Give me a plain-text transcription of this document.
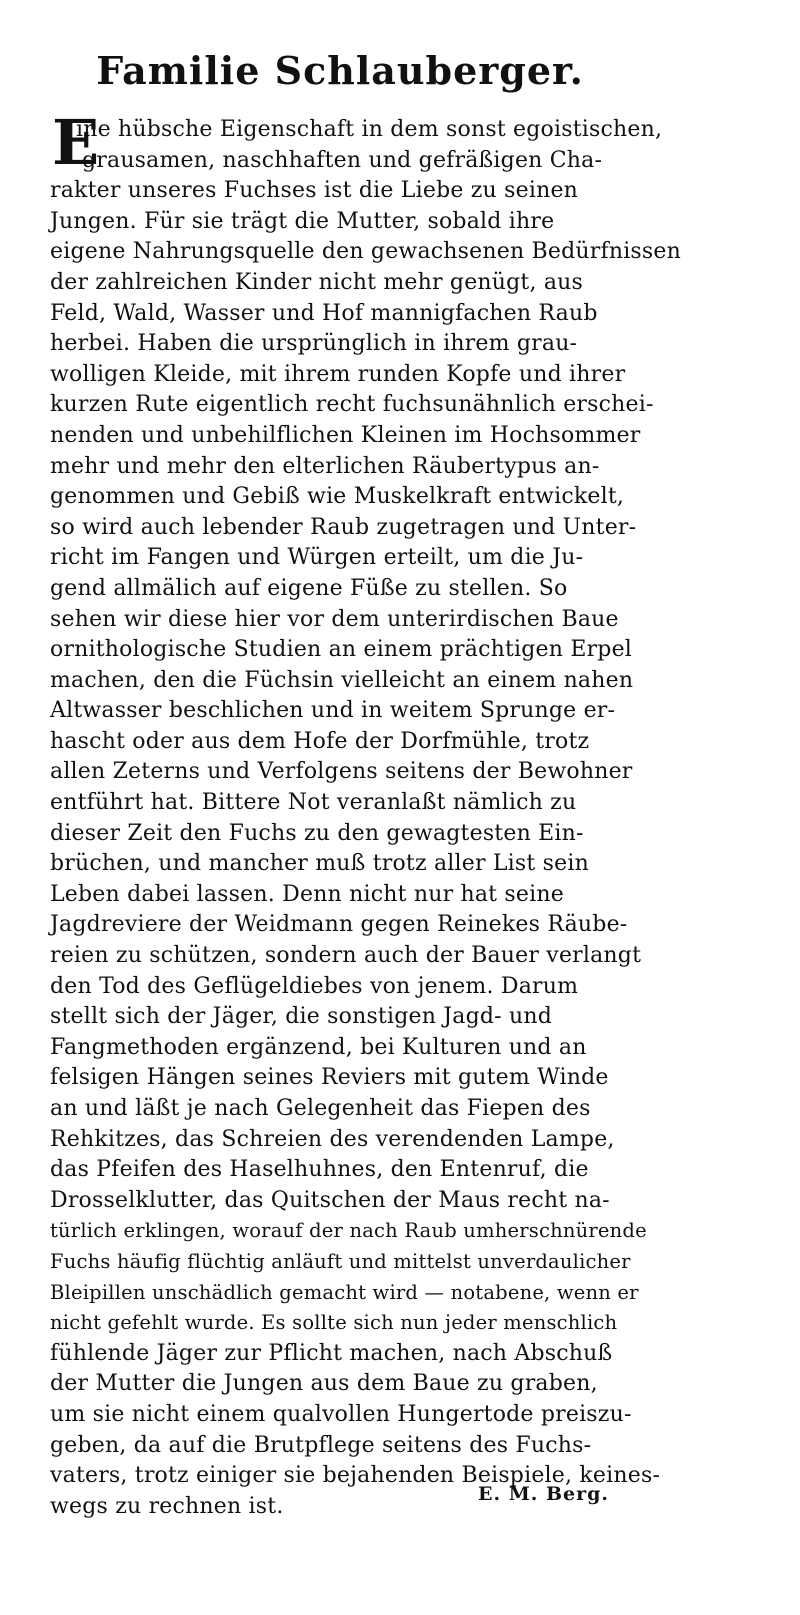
Familie Schlauberger.
E
ine hübsche Eigenschaft in dem sonst egoistischen,
grausamen, naschhaften und gefräßigen Cha-
rakter unseres Fuchses ist die Liebe zu seinen
Jungen. Für sie trägt die Mutter, sobald ihre
eigene Nahrungsquelle den gewachsenen Bedürfnissen
der zahlreichen Kinder nicht mehr genügt, aus
Feld, Wald, Wasser und Hof mannigfachen Raub
herbei. Haben die ursprünglich in ihrem grau-
wolligen Kleide, mit ihrem runden Kopfe und ihrer
kurzen Rute eigentlich recht fuchsunähnlich erschei-
nenden und unbehilflichen Kleinen im Hochsommer
mehr und mehr den elterlichen Räubertypus an-
genommen und Gebiß wie Muskelkraft entwickelt,
so wird auch lebender Raub zugetragen und Unter-
richt im Fangen und Würgen erteilt, um die Ju-
gend allmälich auf eigene Füße zu stellen. So
sehen wir diese hier vor dem unterirdischen Baue
ornithologische Studien an einem prächtigen Erpel
machen, den die Füchsin vielleicht an einem nahen
Altwasser beschlichen und in weitem Sprunge er-
hascht oder aus dem Hofe der Dorfmühle, trotz
allen Zeterns und Verfolgens seitens der Bewohner
entführt hat. Bittere Not veranlaßt nämlich zu
dieser Zeit den Fuchs zu den gewagtesten Ein-
brüchen, und mancher muß trotz aller List sein
Leben dabei lassen. Denn nicht nur hat seine
Jagdreviere der Weidmann gegen Reinekes Räube-
reien zu schützen, sondern auch der Bauer verlangt
den Tod des Geflügeldiebes von jenem. Darum
stellt sich der Jäger, die sonstigen Jagd- und
Fangmethoden ergänzend, bei Kulturen und an
felsigen Hängen seines Reviers mit gutem Winde
an und läßt je nach Gelegenheit das Fiepen des
Rehkitzes, das Schreien des verendenden Lampe,
das Pfeifen des Haselhuhnes, den Entenruf, die
Drosselklutter, das Quitschen der Maus recht na-
türlich erklingen, worauf der nach Raub umherschnürende
Fuchs häufig flüchtig anläuft und mittelst unverdaulicher
Bleipillen unschädlich gemacht wird — notabene, wenn er
nicht gefehlt wurde. Es sollte sich nun jeder menschlich
fühlende Jäger zur Pflicht machen, nach Abschuß
der Mutter die Jungen aus dem Baue zu graben,
um sie nicht einem qualvollen Hungertode preiszu-
geben, da auf die Brutpflege seitens des Fuchs-
vaters, trotz einiger sie bejahenden Beispiele, keines-
wegs zu rechnen ist.	E. M. Berg.
